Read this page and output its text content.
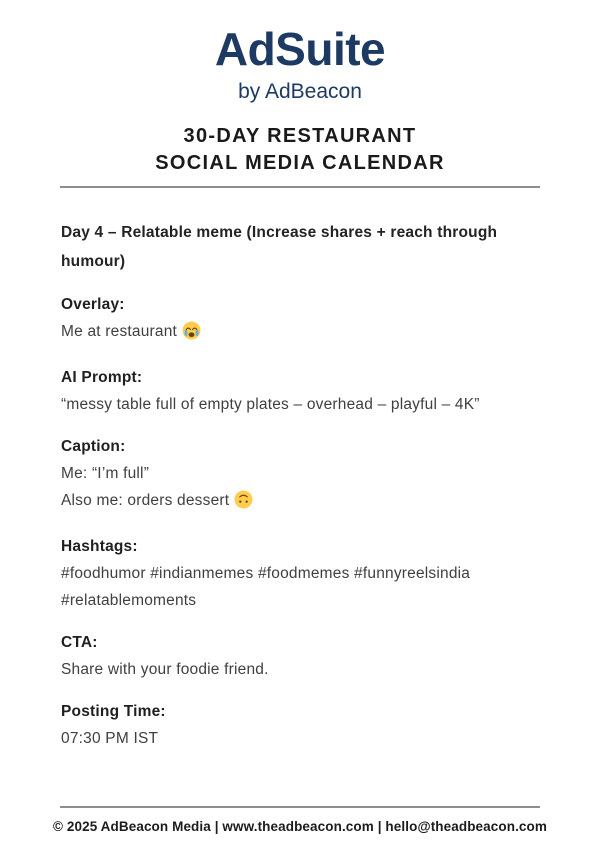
AdSuite
by AdBeacon
30-DAY RESTAURANT
SOCIAL MEDIA CALENDAR
Day 4 – Relatable meme (Increase shares + reach through humour)
Overlay:
Me at restaurant
AI Prompt:
“messy table full of empty plates – overhead – playful – 4K”
Caption:
Me: “I’m full”
Also me: orders dessert
Hashtags:
#foodhumor #indianmemes #foodmemes #funnyreelsindia #relatablemoments
CTA:
Share with your foodie friend.
Posting Time:
07:30 PM IST
© 2025 AdBeacon Media | www.theadbeacon.com | hello@theadbeacon.com
